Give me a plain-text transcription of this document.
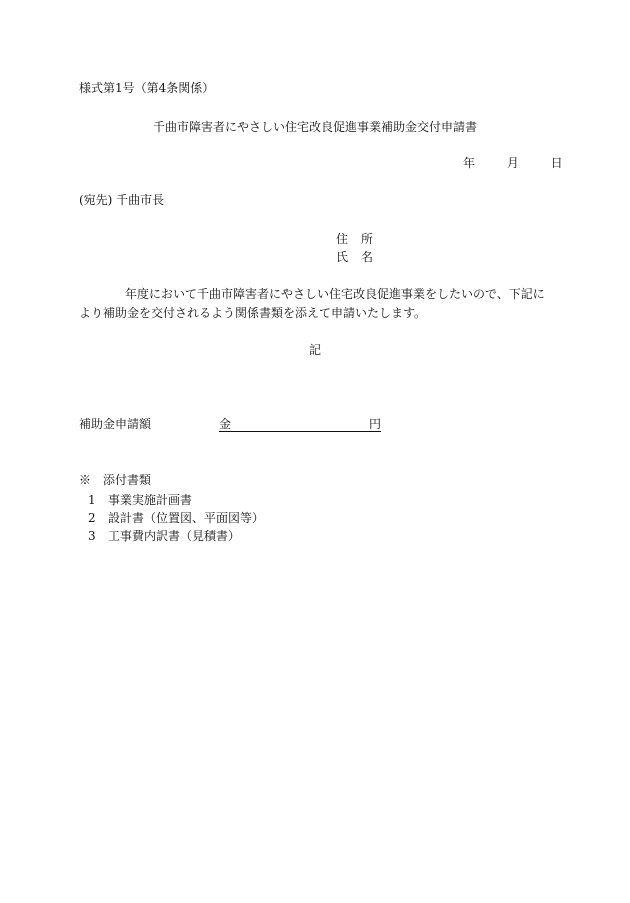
様式第1号（第4条関係）
千曲市障害者にやさしい住宅改良促進事業補助金交付申請書
年	月	日
(宛先) 千曲市長
住所
氏名
年度において千曲市障害者にやさしい住宅改良促進事業をしたいので、下記により補助金を交付されるよう関係書類を添えて申請いたします。
記
補助金申請額	金	円
※　添付書類
1 事業実施計画書
2 設計書（位置図、平面図等）
3 工事費内訳書（見積書）
